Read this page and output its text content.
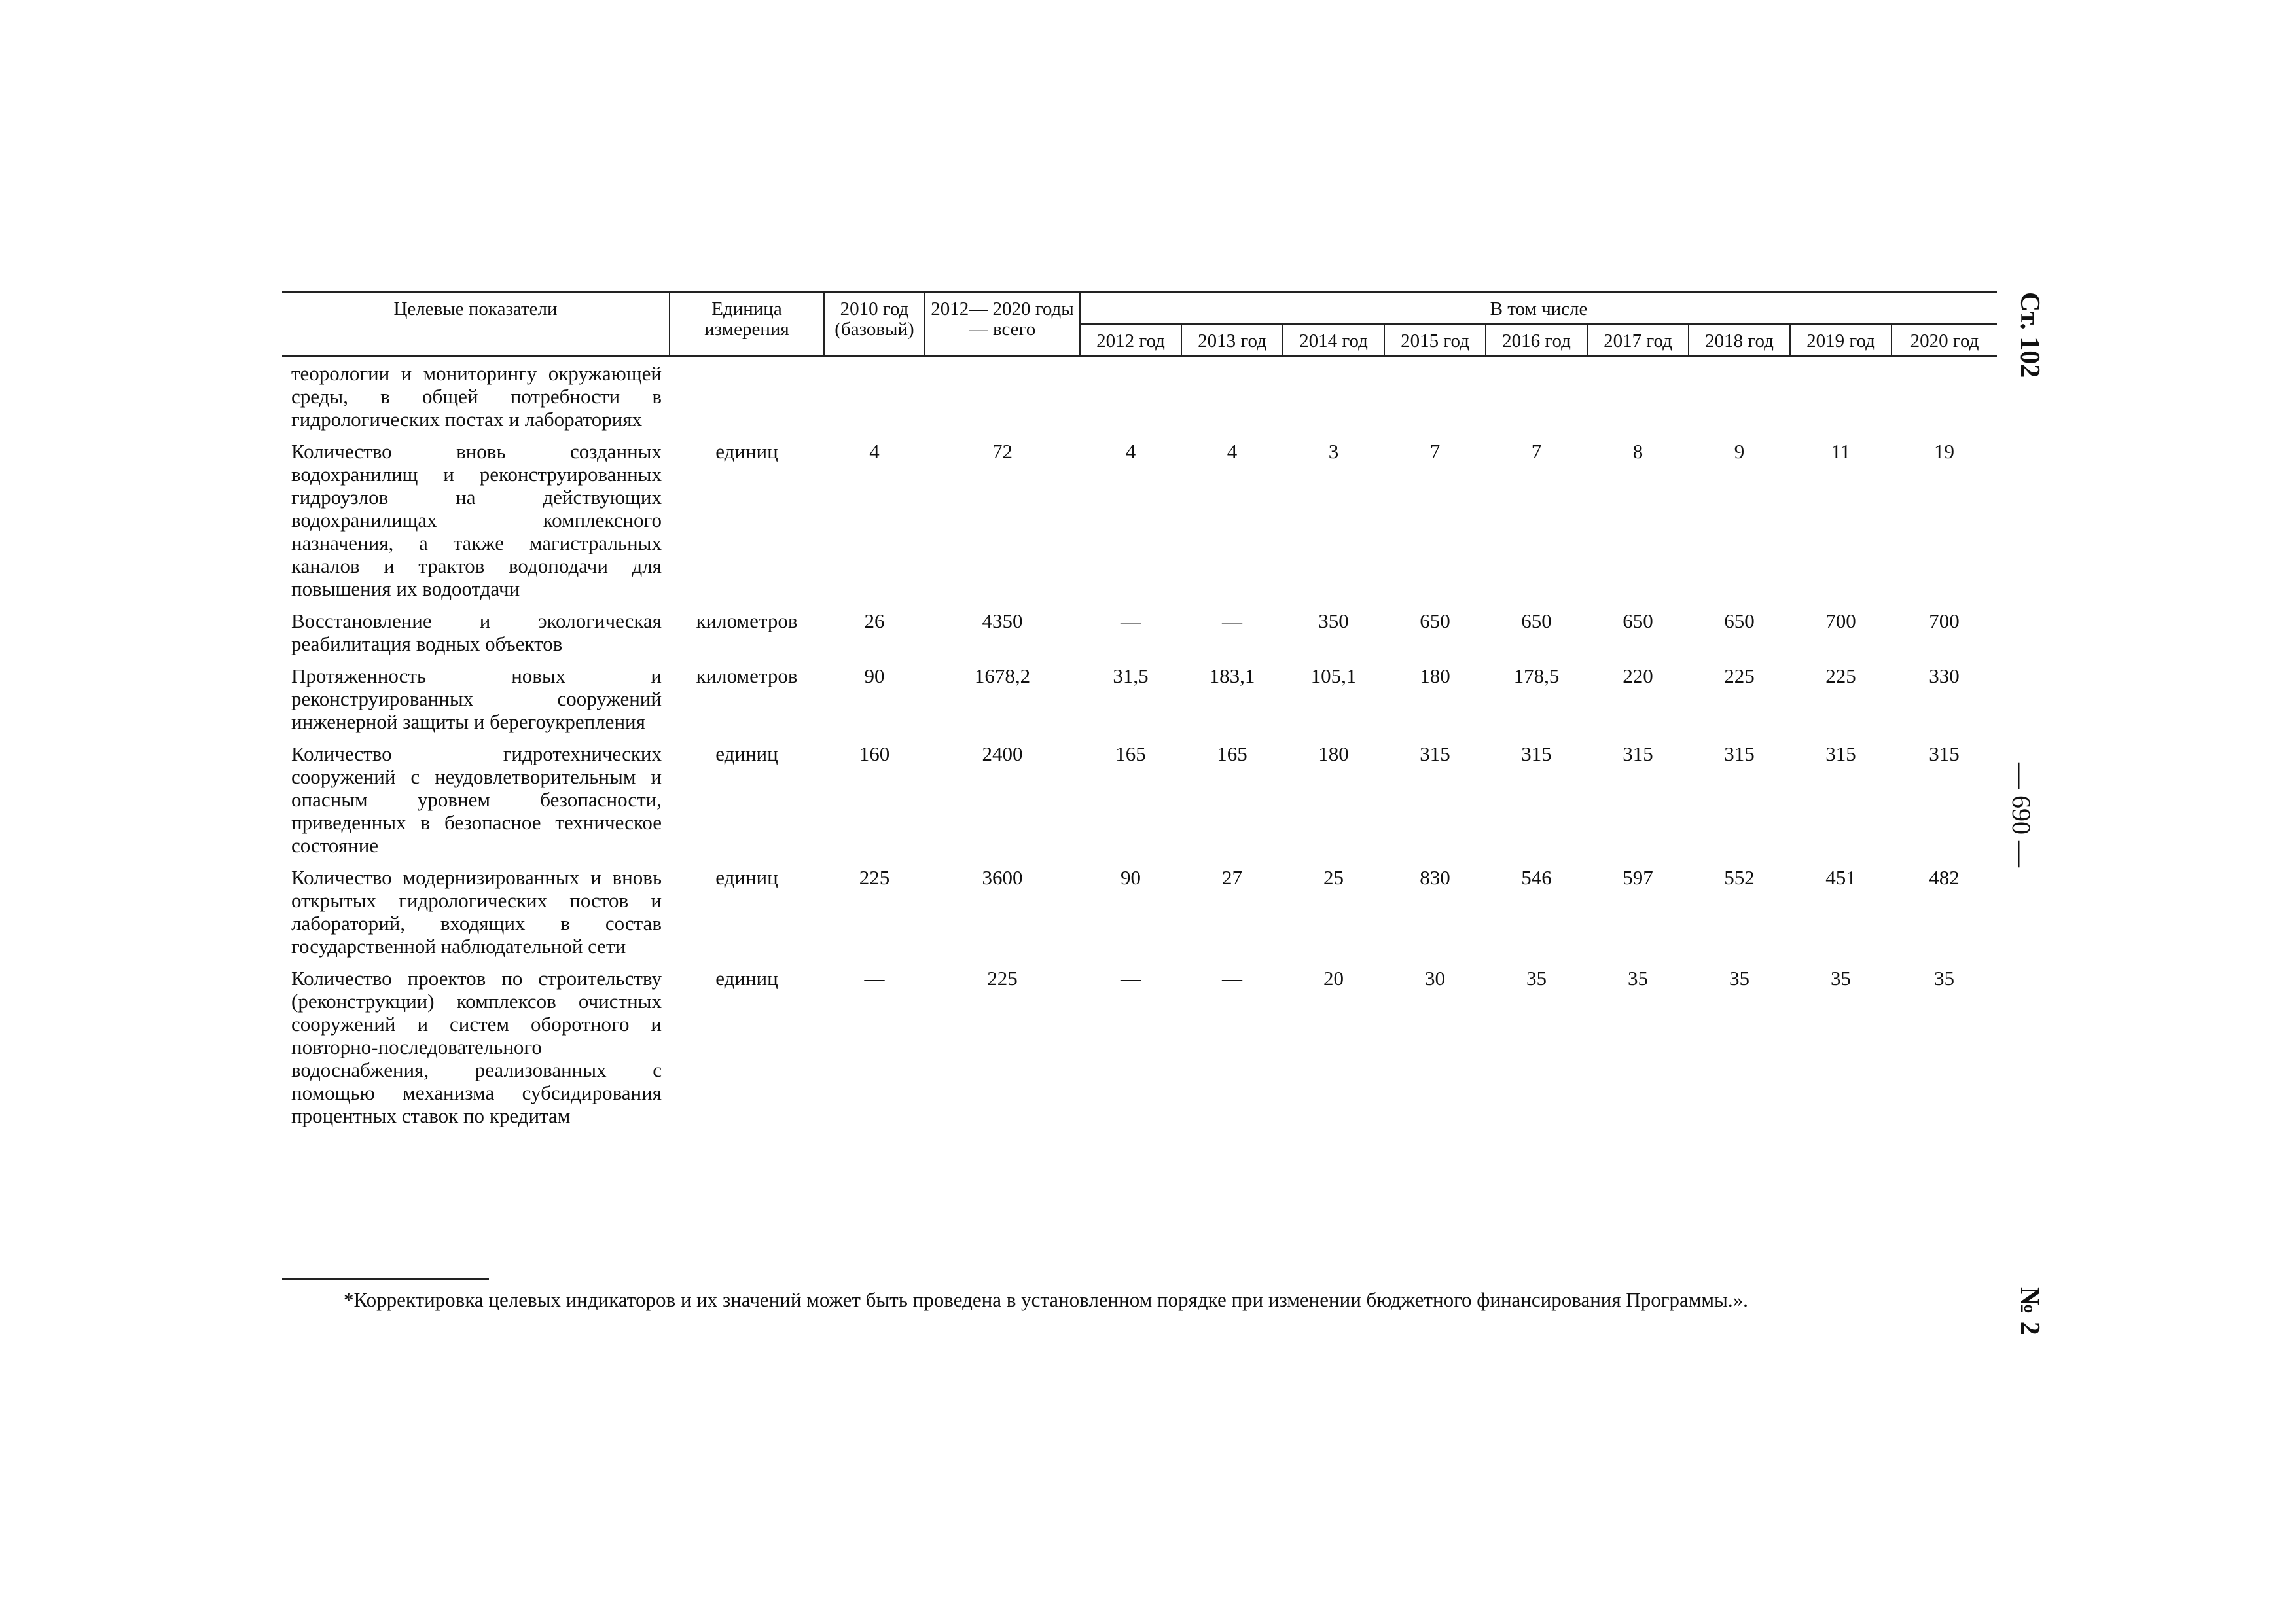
Целевые показатели	Единица измерения	2010 год (базовый)	2012— 2020 годы — всего	В том числе								
				2012 год	2013 год	2014 год	2015 год	2016 год	2017 год	2018 год	2019 год	2020 год
теорологии и мониторингу окружающей среды, в общей потребности в гидрологических постах и лабораториях												
Количество вновь созданных водохранилищ и реконструированных гидроузлов на действующих водохранилищах комплексного назначения, а также магистральных каналов и трактов водоподачи для повышения их водоотдачи	единиц	4	72	4	4	3	7	7	8	9	11	19
Восстановление и экологическая реабилитация водных объектов	километров	26	4350	—	—	350	650	650	650	650	700	700
Протяженность новых и реконструированных сооружений инженерной защиты и берегоукрепления	километров	90	1678,2	31,5	183,1	105,1	180	178,5	220	225	225	330
Количество гидротехнических сооружений с неудовлетворительным и опасным уровнем безопасности, приведенных в безопасное техническое состояние	единиц	160	2400	165	165	180	315	315	315	315	315	315
Количество модернизированных и вновь открытых гидрологических постов и лабораторий, входящих в состав государственной наблюдательной сети	единиц	225	3600	90	27	25	830	546	597	552	451	482
Количество проектов по строительству (реконструкции) комплексов очистных сооружений и систем оборотного и повторно-последовательного водоснабжения, реализованных с помощью механизма субсидирования процентных ставок по кредитам	единиц	—	225	—	—	20	30	35	35	35	35	35
*Корректировка целевых индикаторов и их значений может быть проведена в установленном порядке при изменении бюджетного финансирования Программы.».
Ст. 102
— 690 —
№ 2
